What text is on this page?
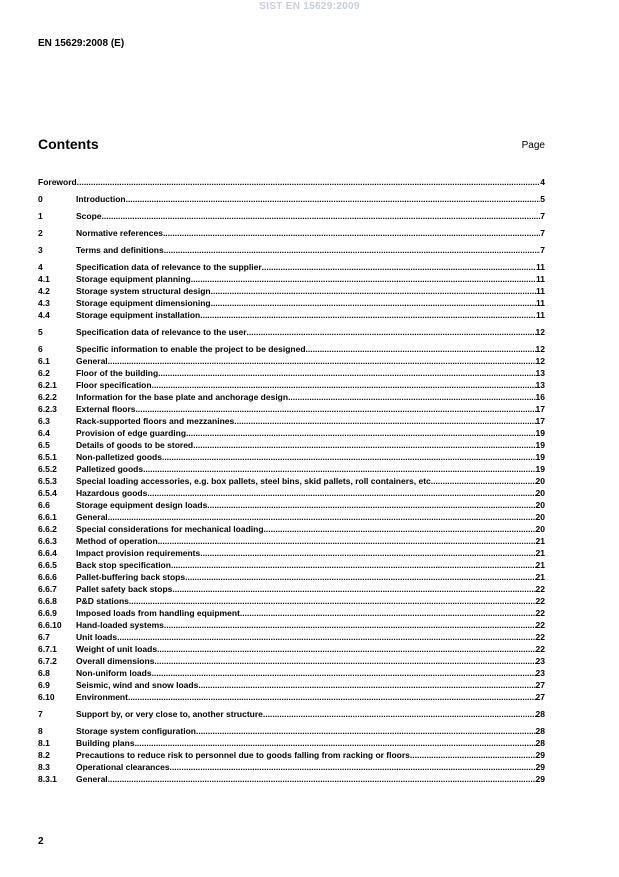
SIST EN 15629:2009
EN 15629:2008 (E)
Contents	Page
Foreword .....	4
0	Introduction .....	5
1	Scope .....	7
2	Normative references .....	7
3	Terms and definitions .....	7
4	Specification data of relevance to the supplier .....	11
4.1	Storage equipment planning .....	11
4.2	Storage system structural design .....	11
4.3	Storage equipment dimensioning .....	11
4.4	Storage equipment installation .....	11
5	Specification data of relevance to the user .....	12
6	Specific information to enable the project to be designed .....	12
6.1	General .....	12
6.2	Floor of the building .....	13
6.2.1	Floor specification .....	13
6.2.2	Information for the base plate and anchorage design .....	16
6.2.3	External floors .....	17
6.3	Rack-supported floors and mezzanines .....	17
6.4	Provision of edge guarding .....	19
6.5	Details of goods to be stored .....	19
6.5.1	Non-palletized goods .....	19
6.5.2	Palletized goods .....	19
6.5.3	Special loading accessories, e.g. box pallets, steel bins, skid pallets, roll containers, etc. .....	20
6.5.4	Hazardous goods .....	20
6.6	Storage equipment design loads. .....	20
6.6.1	General .....	20
6.6.2	Special considerations for mechanical loading .....	20
6.6.3	Method of operation .....	21
6.6.4	Impact provision requirements .....	21
6.6.5	Back stop specification .....	21
6.6.6	Pallet-buffering back stops .....	21
6.6.7	Pallet safety back stops .....	22
6.6.8	P&D stations .....	22
6.6.9	Imposed loads from handling equipment .....	22
6.6.10	Hand-loaded systems .....	22
6.7	Unit loads .....	22
6.7.1	Weight of unit loads .....	22
6.7.2	Overall dimensions .....	23
6.8	Non-uniform loads .....	23
6.9	Seismic, wind and snow loads .....	27
6.10	Environment .....	27
7	Support by, or very close to, another structure .....	28
8	Storage system configuration .....	28
8.1	Building plans .....	28
8.2	Precautions to reduce risk to personnel due to goods falling from racking or floors .....	29
8.3	Operational clearances .....	29
8.3.1	General .....	29
2
